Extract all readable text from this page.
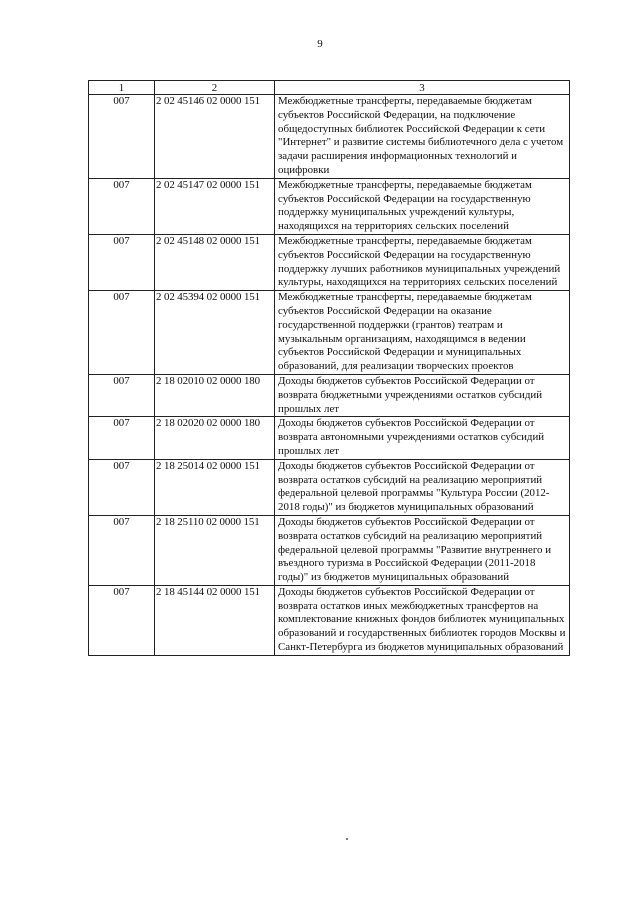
9
1	2	3
007	2 02 45146 02 0000 151	Межбюджетные трансферты, передаваемые бюджетам субъектов Российской Федерации, на подключение общедоступных библиотек Российской Федерации к сети "Интернет" и развитие системы библиотечного дела с учетом задачи расширения информационных технологий и оцифровки
007	2 02 45147 02 0000 151	Межбюджетные трансферты, передаваемые бюджетам субъектов Российской Федерации на государственную поддержку муниципальных учреждений культуры, находящихся на территориях сельских поселений
007	2 02 45148 02 0000 151	Межбюджетные трансферты, передаваемые бюджетам субъектов Российской Федерации на государственную поддержку лучших работников муниципальных учреждений культуры, находящихся на территориях сельских поселений
007	2 02 45394 02 0000 151	Межбюджетные трансферты, передаваемые бюджетам субъектов Российской Федерации на оказание государственной поддержки (грантов) театрам и музыкальным организациям, находящимся в ведении субъектов Российской Федерации и муниципальных образований, для реализации творческих проектов
007	2 18 02010 02 0000 180	Доходы бюджетов субъектов Российской Федерации от возврата бюджетными учреждениями остатков субсидий прошлых лет
007	2 18 02020 02 0000 180	Доходы бюджетов субъектов Российской Федерации от возврата автономными учреждениями остатков субсидий прошлых лет
007	2 18 25014 02 0000 151	Доходы бюджетов субъектов Российской Федерации от возврата остатков субсидий на реализацию мероприятий федеральной целевой программы "Культура России (2012-2018 годы)" из бюджетов муниципальных образований
007	2 18 25110 02 0000 151	Доходы бюджетов субъектов Российской Федерации от возврата остатков субсидий на реализацию мероприятий федеральной целевой программы "Развитие внутреннего и въездного туризма в Российской Федерации (2011-2018 годы)" из бюджетов муниципальных образований
007	2 18 45144 02 0000 151	Доходы бюджетов субъектов Российской Федерации от возврата остатков иных межбюджетных трансфертов на комплектование книжных фондов библиотек муниципальных образований и государственных библиотек городов Москвы и Санкт-Петербурга из бюджетов муниципальных образований
